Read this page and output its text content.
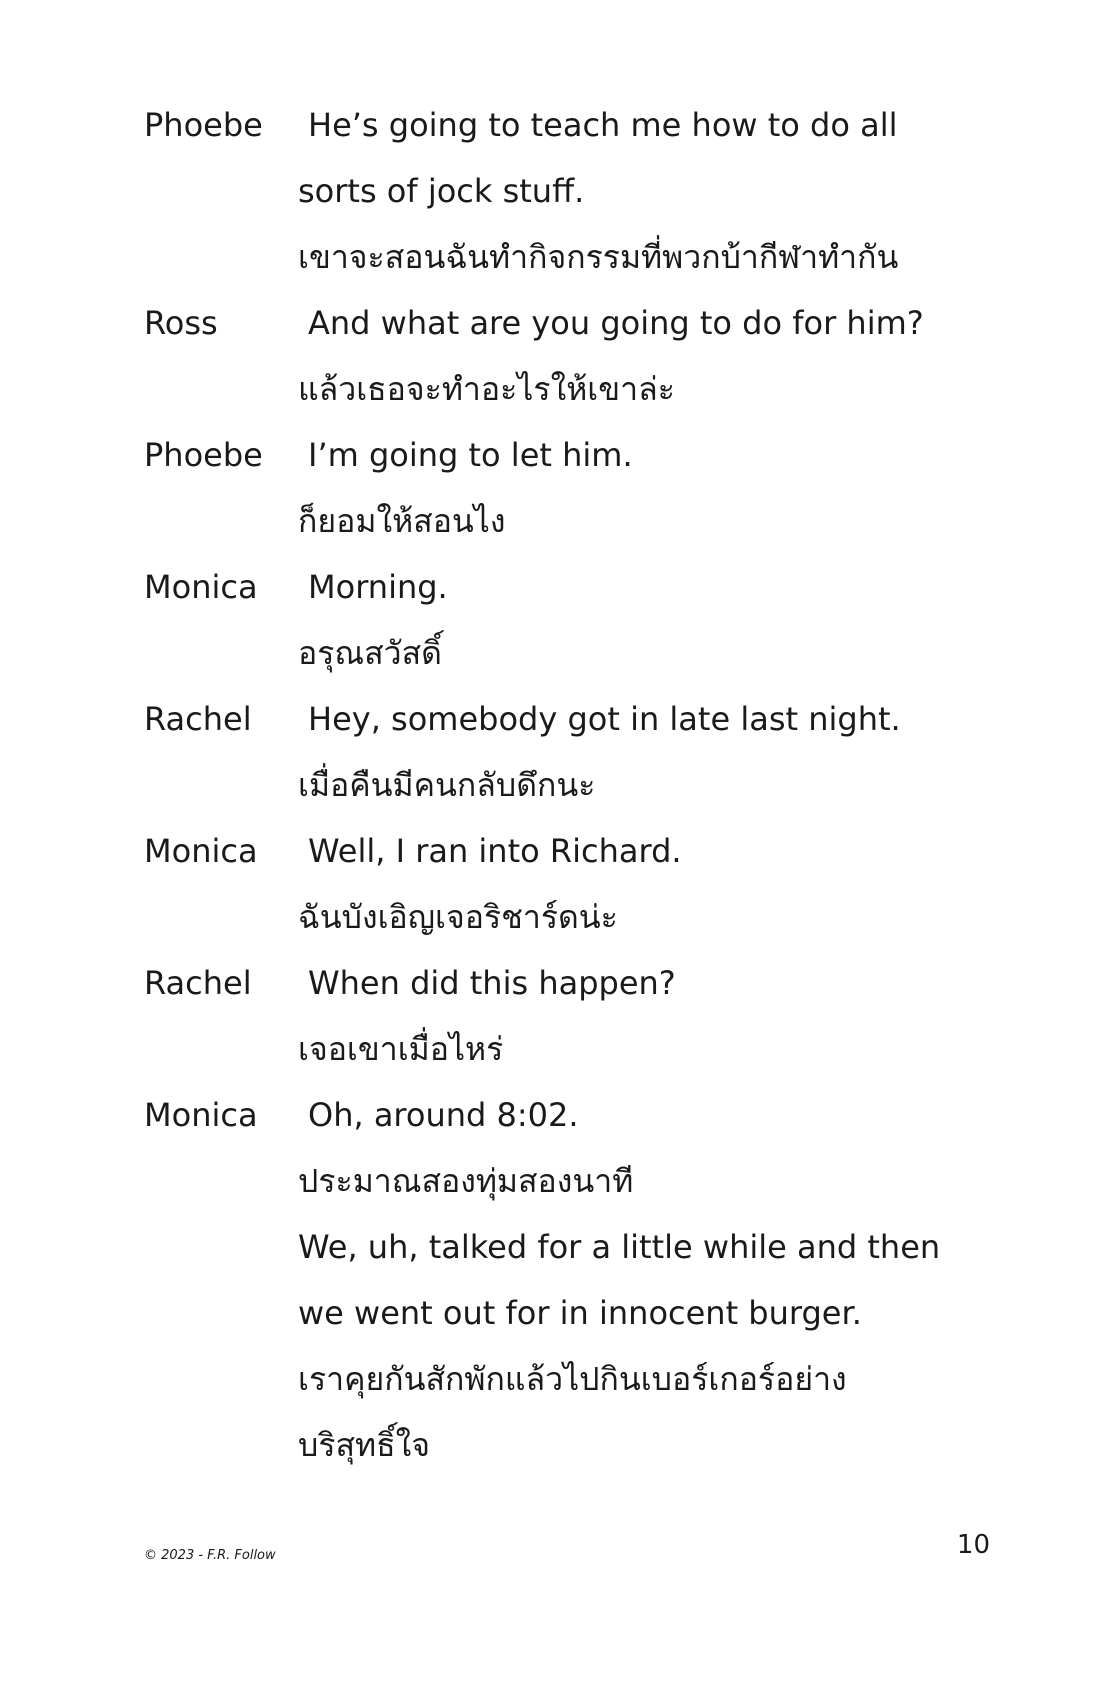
Phoebe	He’s going to teach me how to do all
sorts of jock stuff.
เขาจะสอนฉันทำกิจกรรมที่พวกบ้ากีฬาทำกัน
Ross	And what are you going to do for him?
แล้วเธอจะทำอะไรให้เขาล่ะ
Phoebe	I’m going to let him.
ก็ยอมให้สอนไง
Monica	Morning.
อรุณสวัสดิ์
Rachel	Hey, somebody got in late last night.
เมื่อคืนมีคนกลับดึกนะ
Monica	Well, I ran into Richard.
ฉันบังเอิญเจอริชาร์ดน่ะ
Rachel	When did this happen?
เจอเขาเมื่อไหร่
Monica	Oh, around 8:02.
ประมาณสองทุ่มสองนาที
We, uh, talked for a little while and then
we went out for in innocent burger.
เราคุยกันสักพักแล้วไปกินเบอร์เกอร์อย่าง
บริสุทธิ์ใจ
© 2023 - F.R. Follow	10
